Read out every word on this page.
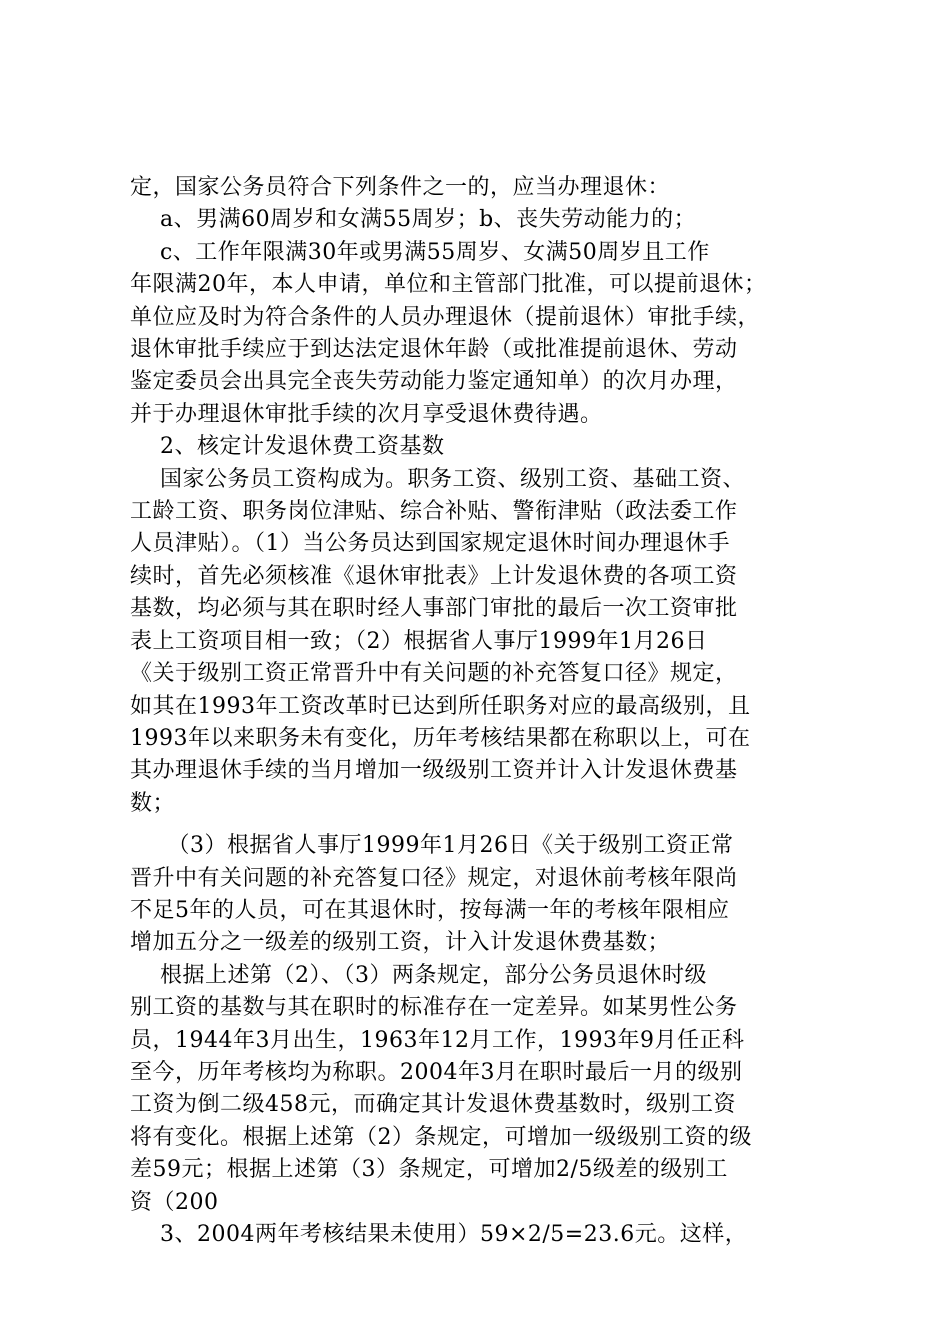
定，国家公务员符合下列条件之一的，应当办理退休：

a、男满60周岁和女满55周岁；b、丧失劳动能力的；

c、工作年限满30年或男满55周岁、女满50周岁且工作

年限满20年，本人申请，单位和主管部门批准，可以提前退休；

单位应及时为符合条件的人员办理退休（提前退休）审批手续，

退休审批手续应于到达法定退休年龄（或批准提前退休、劳动

鉴定委员会出具完全丧失劳动能力鉴定通知单）的次月办理，

并于办理退休审批手续的次月享受退休费待遇。

2、核定计发退休费工资基数

国家公务员工资构成为。职务工资、级别工资、基础工资、

工龄工资、职务岗位津贴、综合补贴、警衔津贴（政法委工作

人员津贴）。（1）当公务员达到国家规定退休时间办理退休手

续时，首先必须核准《退休审批表》上计发退休费的各项工资

基数，均必须与其在职时经人事部门审批的最后一次工资审批

表上工资项目相一致；（2）根据省人事厅1999年1月26日

《关于级别工资正常晋升中有关问题的补充答复口径》规定，

如其在1993年工资改革时已达到所任职务对应的最高级别，且

1993年以来职务未有变化，历年考核结果都在称职以上，可在

其办理退休手续的当月增加一级级别工资并计入计发退休费基

数；

（3）根据省人事厅1999年1月26日《关于级别工资正常

晋升中有关问题的补充答复口径》规定，对退休前考核年限尚

不足5年的人员，可在其退休时，按每满一年的考核年限相应

增加五分之一级差的级别工资，计入计发退休费基数；

根据上述第（2）、（3）两条规定，部分公务员退休时级

别工资的基数与其在职时的标准存在一定差异。如某男性公务

员，1944年3月出生，1963年12月工作，1993年9月任正科

至今，历年考核均为称职。2004年3月在职时最后一月的级别

工资为倒二级458元，而确定其计发退休费基数时，级别工资

将有变化。根据上述第（2）条规定，可增加一级级别工资的级

差59元；根据上述第（3）条规定，可增加2/5级差的级别工

资（200

3、2004两年考核结果未使用）59×2/5=23.6元。这样，
